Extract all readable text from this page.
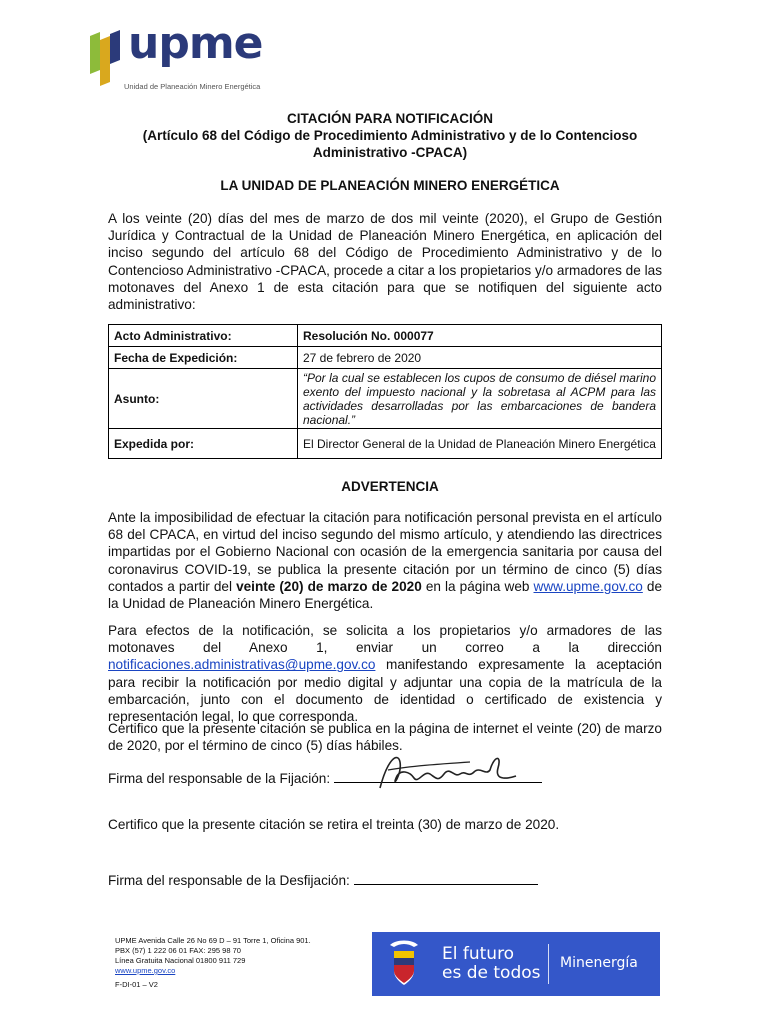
upme
Unidad de Planeación Minero Energética
CITACIÓN PARA NOTIFICACIÓN
(Artículo 68 del Código de Procedimiento Administrativo y de lo Contencioso
Administrativo -CPACA)
LA UNIDAD DE PLANEACIÓN MINERO ENERGÉTICA
A los veinte (20) días del mes de marzo de dos mil veinte (2020), el Grupo de Gestión Jurídica y Contractual de la Unidad de Planeación Minero Energética, en aplicación del inciso segundo del artículo 68 del Código de Procedimiento Administrativo y de lo Contencioso Administrativo -CPACA, procede a citar a los propietarios y/o armadores de las motonaves del Anexo 1 de esta citación para que se notifiquen del siguiente acto administrativo:
Acto Administrativo:	Resolución No. 000077
Fecha de Expedición:	27 de febrero de 2020
Asunto:	“Por la cual se establecen los cupos de consumo de diésel marino exento del impuesto nacional y la sobretasa al ACPM para las actividades desarrolladas por las embarcaciones de bandera nacional.”
Expedida por:	El Director General de la Unidad de Planeación Minero Energética
ADVERTENCIA
Ante la imposibilidad de efectuar la citación para notificación personal prevista en el artículo 68 del CPACA, en virtud del inciso segundo del mismo artículo, y atendiendo las directrices impartidas por el Gobierno Nacional con ocasión de la emergencia sanitaria por causa del coronavirus COVID-19, se publica la presente citación por un término de cinco (5) días contados a partir del veinte (20) de marzo de 2020 en la página web www.upme.gov.co de la Unidad de Planeación Minero Energética.
Para efectos de la notificación, se solicita a los propietarios y/o armadores de las motonaves del Anexo 1, enviar un correo a la dirección notificaciones.administrativas@upme.gov.co manifestando expresamente la aceptación para recibir la notificación por medio digital y adjuntar una copia de la matrícula de la embarcación, junto con el documento de identidad o certificado de existencia y representación legal, lo que corresponda.
Certifico que la presente citación se publica en la página de internet el veinte (20) de marzo de 2020, por el término de cinco (5) días hábiles.
Firma del responsable de la Fijación:
Certifico que la presente citación se retira el treinta (30) de marzo de 2020.
Firma del responsable de la Desfijación:
UPME Avenida Calle 26 No 69 D – 91 Torre 1, Oficina 901.
PBX (57) 1 222 06 01 FAX: 295 98 70
Línea Gratuita Nacional 01800 911 729
www.upme.gov.co
F-DI-01 – V2
El futuro
es de todos Minenergía
